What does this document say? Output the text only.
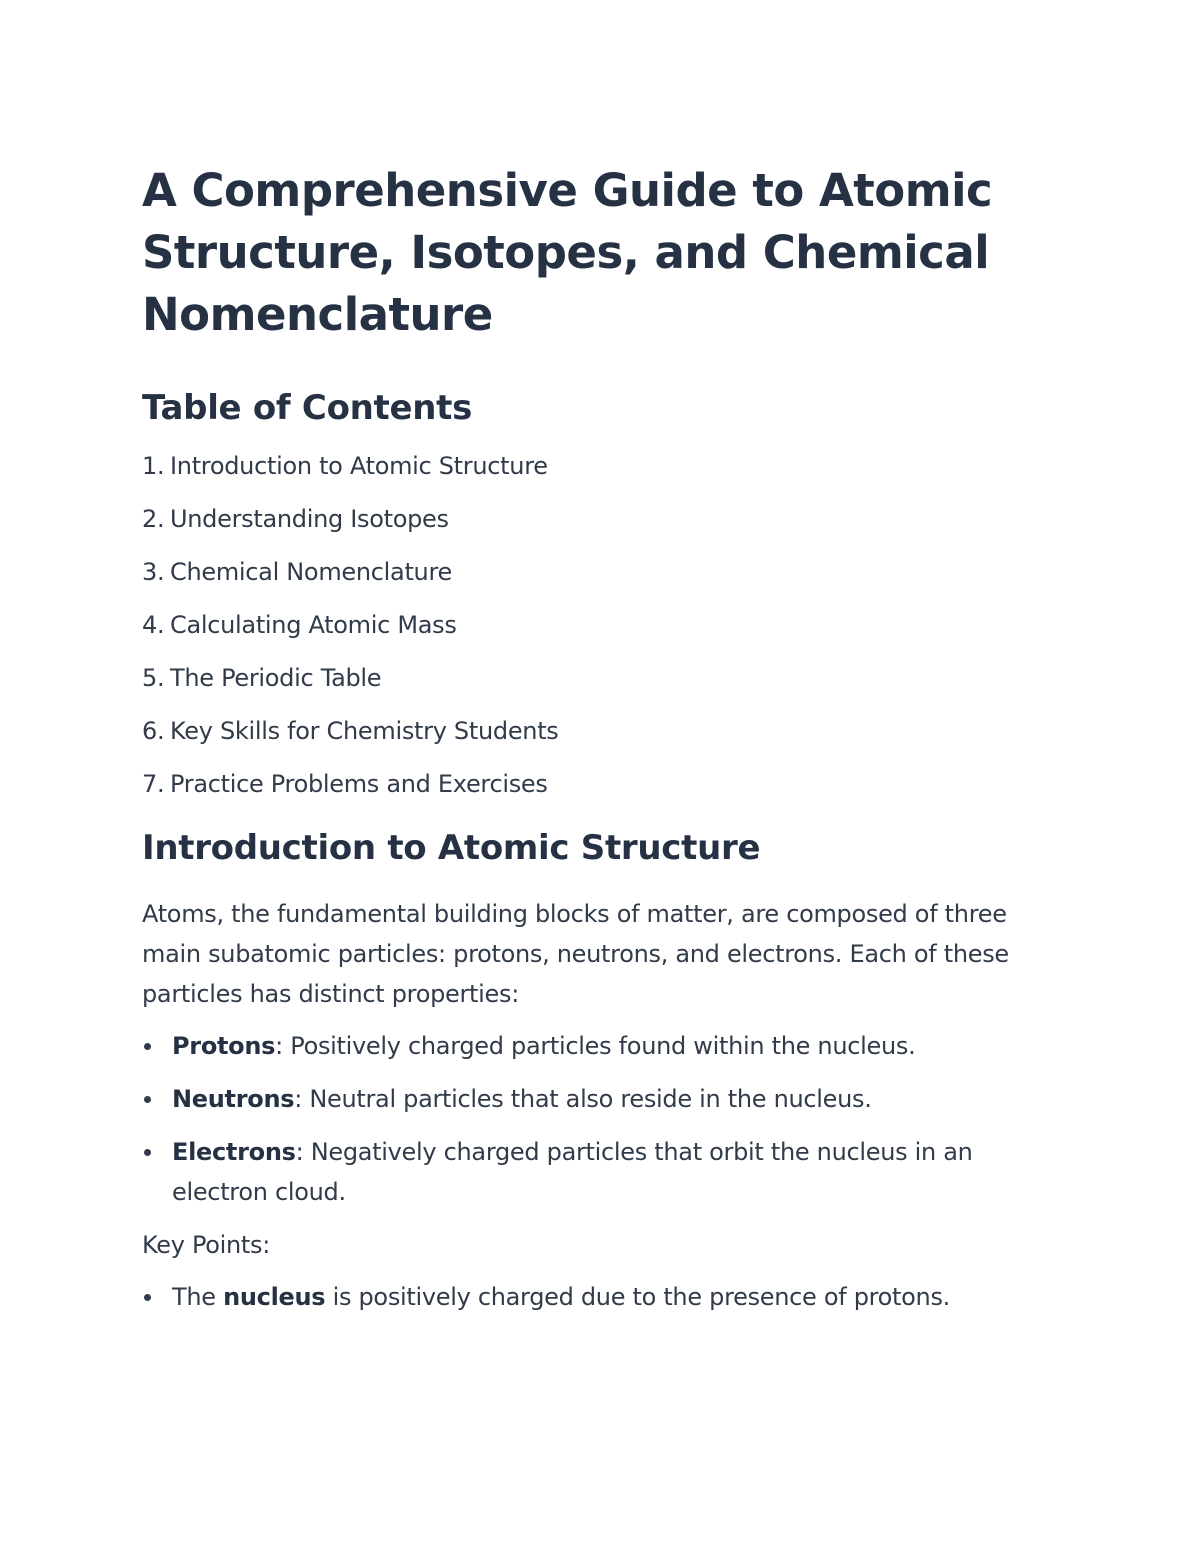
A Comprehensive Guide to Atomic Structure, Isotopes, and Chemical Nomenclature
Table of Contents
1. Introduction to Atomic Structure
2. Understanding Isotopes
3. Chemical Nomenclature
4. Calculating Atomic Mass
5. The Periodic Table
6. Key Skills for Chemistry Students
7. Practice Problems and Exercises
Introduction to Atomic Structure

Atoms, the fundamental building blocks of matter, are composed of three main subatomic particles: protons, neutrons, and electrons. Each of these particles has distinct properties:

Protons: Positively charged particles found within the nucleus.
Neutrons: Neutral particles that also reside in the nucleus.
Electrons: Negatively charged particles that orbit the nucleus in an electron cloud.

Key Points:

The nucleus is positively charged due to the presence of protons.
